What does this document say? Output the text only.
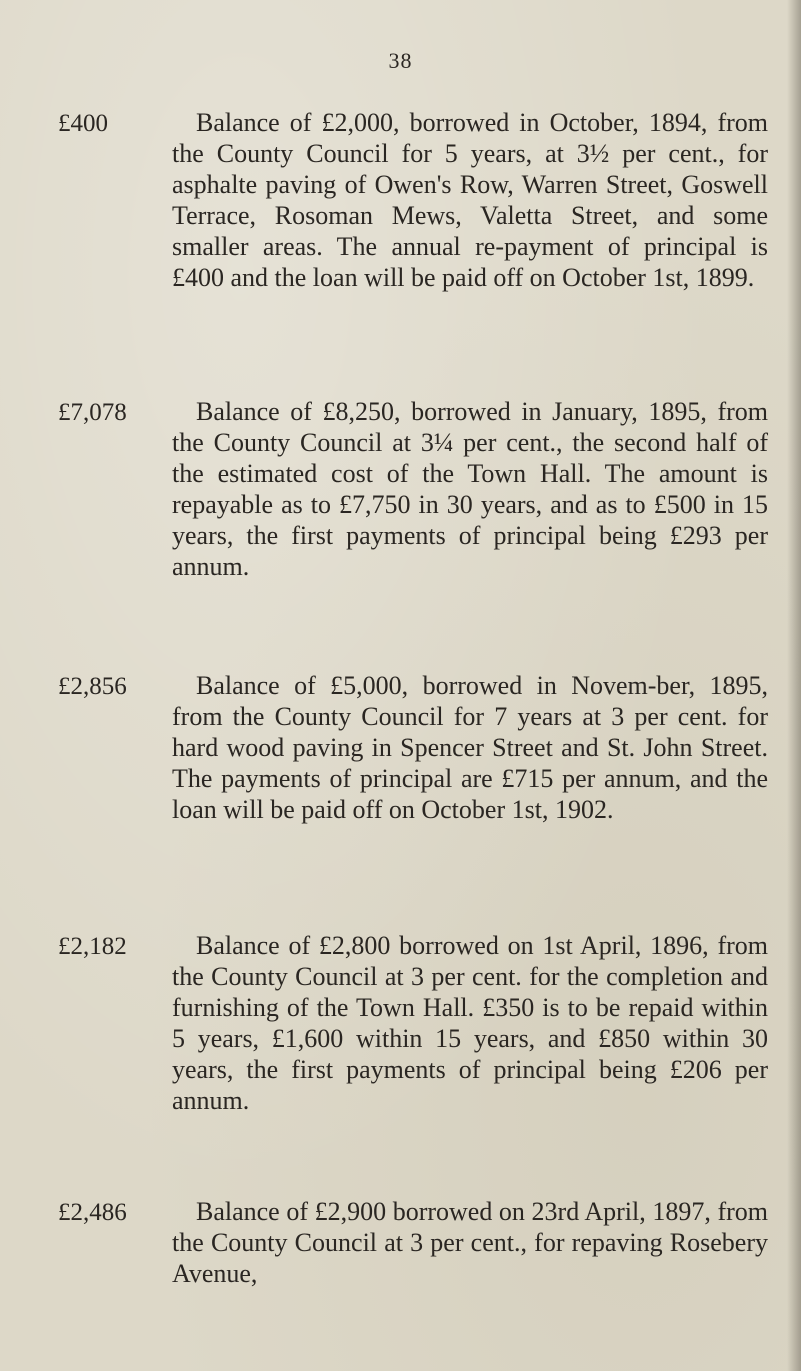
38
£400	Balance of £2,000, borrowed in October, 1894, from the County Council for 5 years, at 3½ per cent., for asphalte paving of Owen's Row, Warren Street, Goswell Terrace, Rosoman Mews, Valetta Street, and some smaller areas. The annual re-payment of principal is £400 and the loan will be paid off on October 1st, 1899.
£7,078	Balance of £8,250, borrowed in January, 1895, from the County Council at 3¼ per cent., the second half of the estimated cost of the Town Hall. The amount is repayable as to £7,750 in 30 years, and as to £500 in 15 years, the first payments of principal being £293 per annum.
£2,856	Balance of £5,000, borrowed in Novem-ber, 1895, from the County Council for 7 years at 3 per cent. for hard wood paving in Spencer Street and St. John Street. The payments of principal are £715 per annum, and the loan will be paid off on October 1st, 1902.
£2,182	Balance of £2,800 borrowed on 1st April, 1896, from the County Council at 3 per cent. for the completion and furnishing of the Town Hall. £350 is to be repaid within 5 years, £1,600 within 15 years, and £850 within 30 years, the first payments of principal being £206 per annum.
£2,486	Balance of £2,900 borrowed on 23rd April, 1897, from the County Council at 3 per cent., for repaving Rosebery Avenue,
